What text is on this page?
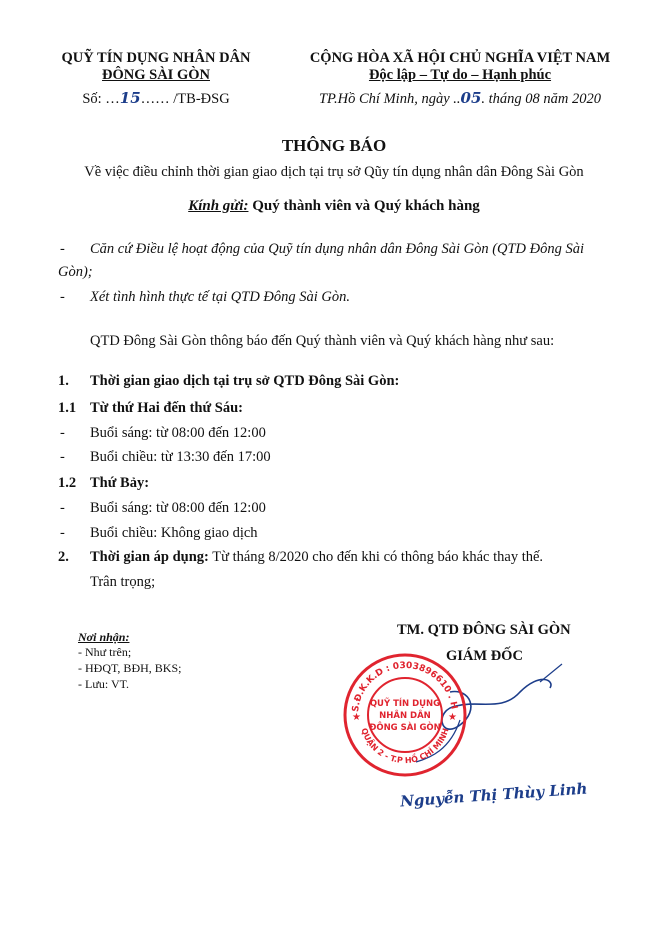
QUỸ TÍN DỤNG NHÂN DÂN
ĐÔNG SÀI GÒN
Số: …15…… /TB-ĐSG
CỘNG HÒA XÃ HỘI CHỦ NGHĨA VIỆT NAM
Độc lập – Tự do – Hạnh phúc
TP.Hồ Chí Minh, ngày ..05. tháng 08 năm 2020
THÔNG BÁO
Về việc điều chỉnh thời gian giao dịch tại trụ sở Qũy tín dụng nhân dân Đông Sài Gòn
Kính gửi: Quý thành viên và Quý khách hàng
- Căn cứ Điều lệ hoạt động của Quỹ tín dụng nhân dân Đông Sài Gòn (QTD Đông Sài
Gòn);
- Xét tình hình thực tế tại QTD Đông Sài Gòn.
QTD Đông Sài Gòn thông báo đến Quý thành viên và Quý khách hàng như sau:
1. Thời gian giao dịch tại trụ sở QTD Đông Sài Gòn:
1.1 Từ thứ Hai đến thứ Sáu:
- Buổi sáng: từ 08:00 đến 12:00
- Buổi chiều: từ 13:30 đến 17:00
1.2 Thứ Bảy:
- Buổi sáng: từ 08:00 đến 12:00
- Buổi chiều: Không giao dịch
2. Thời gian áp dụng: Từ tháng 8/2020 cho đến khi có thông báo khác thay thế.
Trân trọng;
Nơi nhận:
- Như trên;
- HĐQT, BĐH, BKS;
- Lưu: VT.
TM. QTD ĐÔNG SÀI GÒN
GIÁM ĐỐC
S.Đ.K.K.D : 0303896610 . H
QUẬN 2 - T.P HỒ CHÍ MINH
QUỸ TÍN DỤNG
NHÂN DÂN
ĐÔNG SÀI GÒN
★	★
Nguyễn Thị Thùy Linh
